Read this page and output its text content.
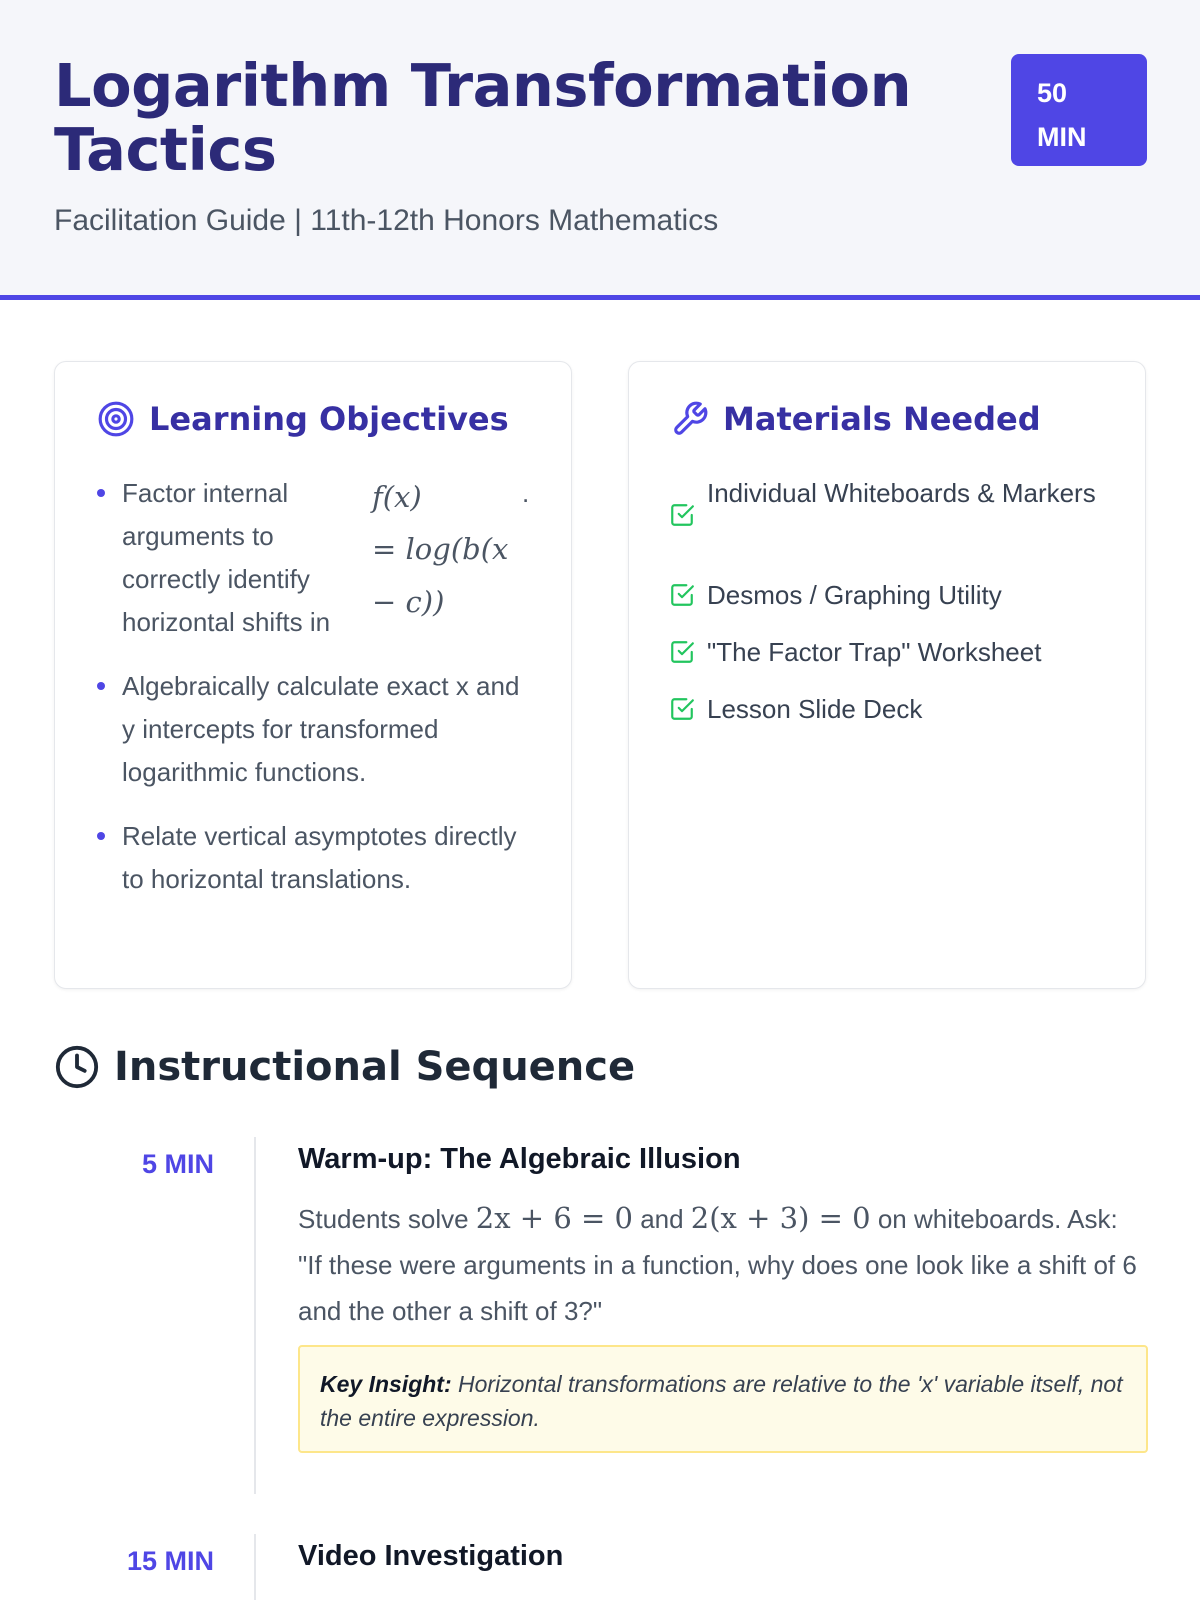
Logarithm Transformation Tactics

Facilitation Guide | 11th-12th Honors Mathematics

50
MIN
Learning Objectives
Factor internal arguments to correctly identify horizontal shifts in
f(x)
= log(b(x
− c))
.
Algebraically calculate exact x and y intercepts for transformed logarithmic functions.
Relate vertical asymptotes directly to horizontal translations.
Materials Needed
Individual Whiteboards & Markers
Desmos / Graphing Utility
"The Factor Trap" Worksheet
Lesson Slide Deck
Instructional Sequence
5 MIN	Warm-up: The Algebraic Illusion
Students solve 2x + 6 = 0 and 2(x + 3) = 0 on whiteboards. Ask: "If these were arguments in a function, why does one look like a shift of 6 and the other a shift of 3?"
Key Insight: Horizontal transformations are relative to the 'x' variable itself, not the entire expression.
15 MIN	Video Investigation
